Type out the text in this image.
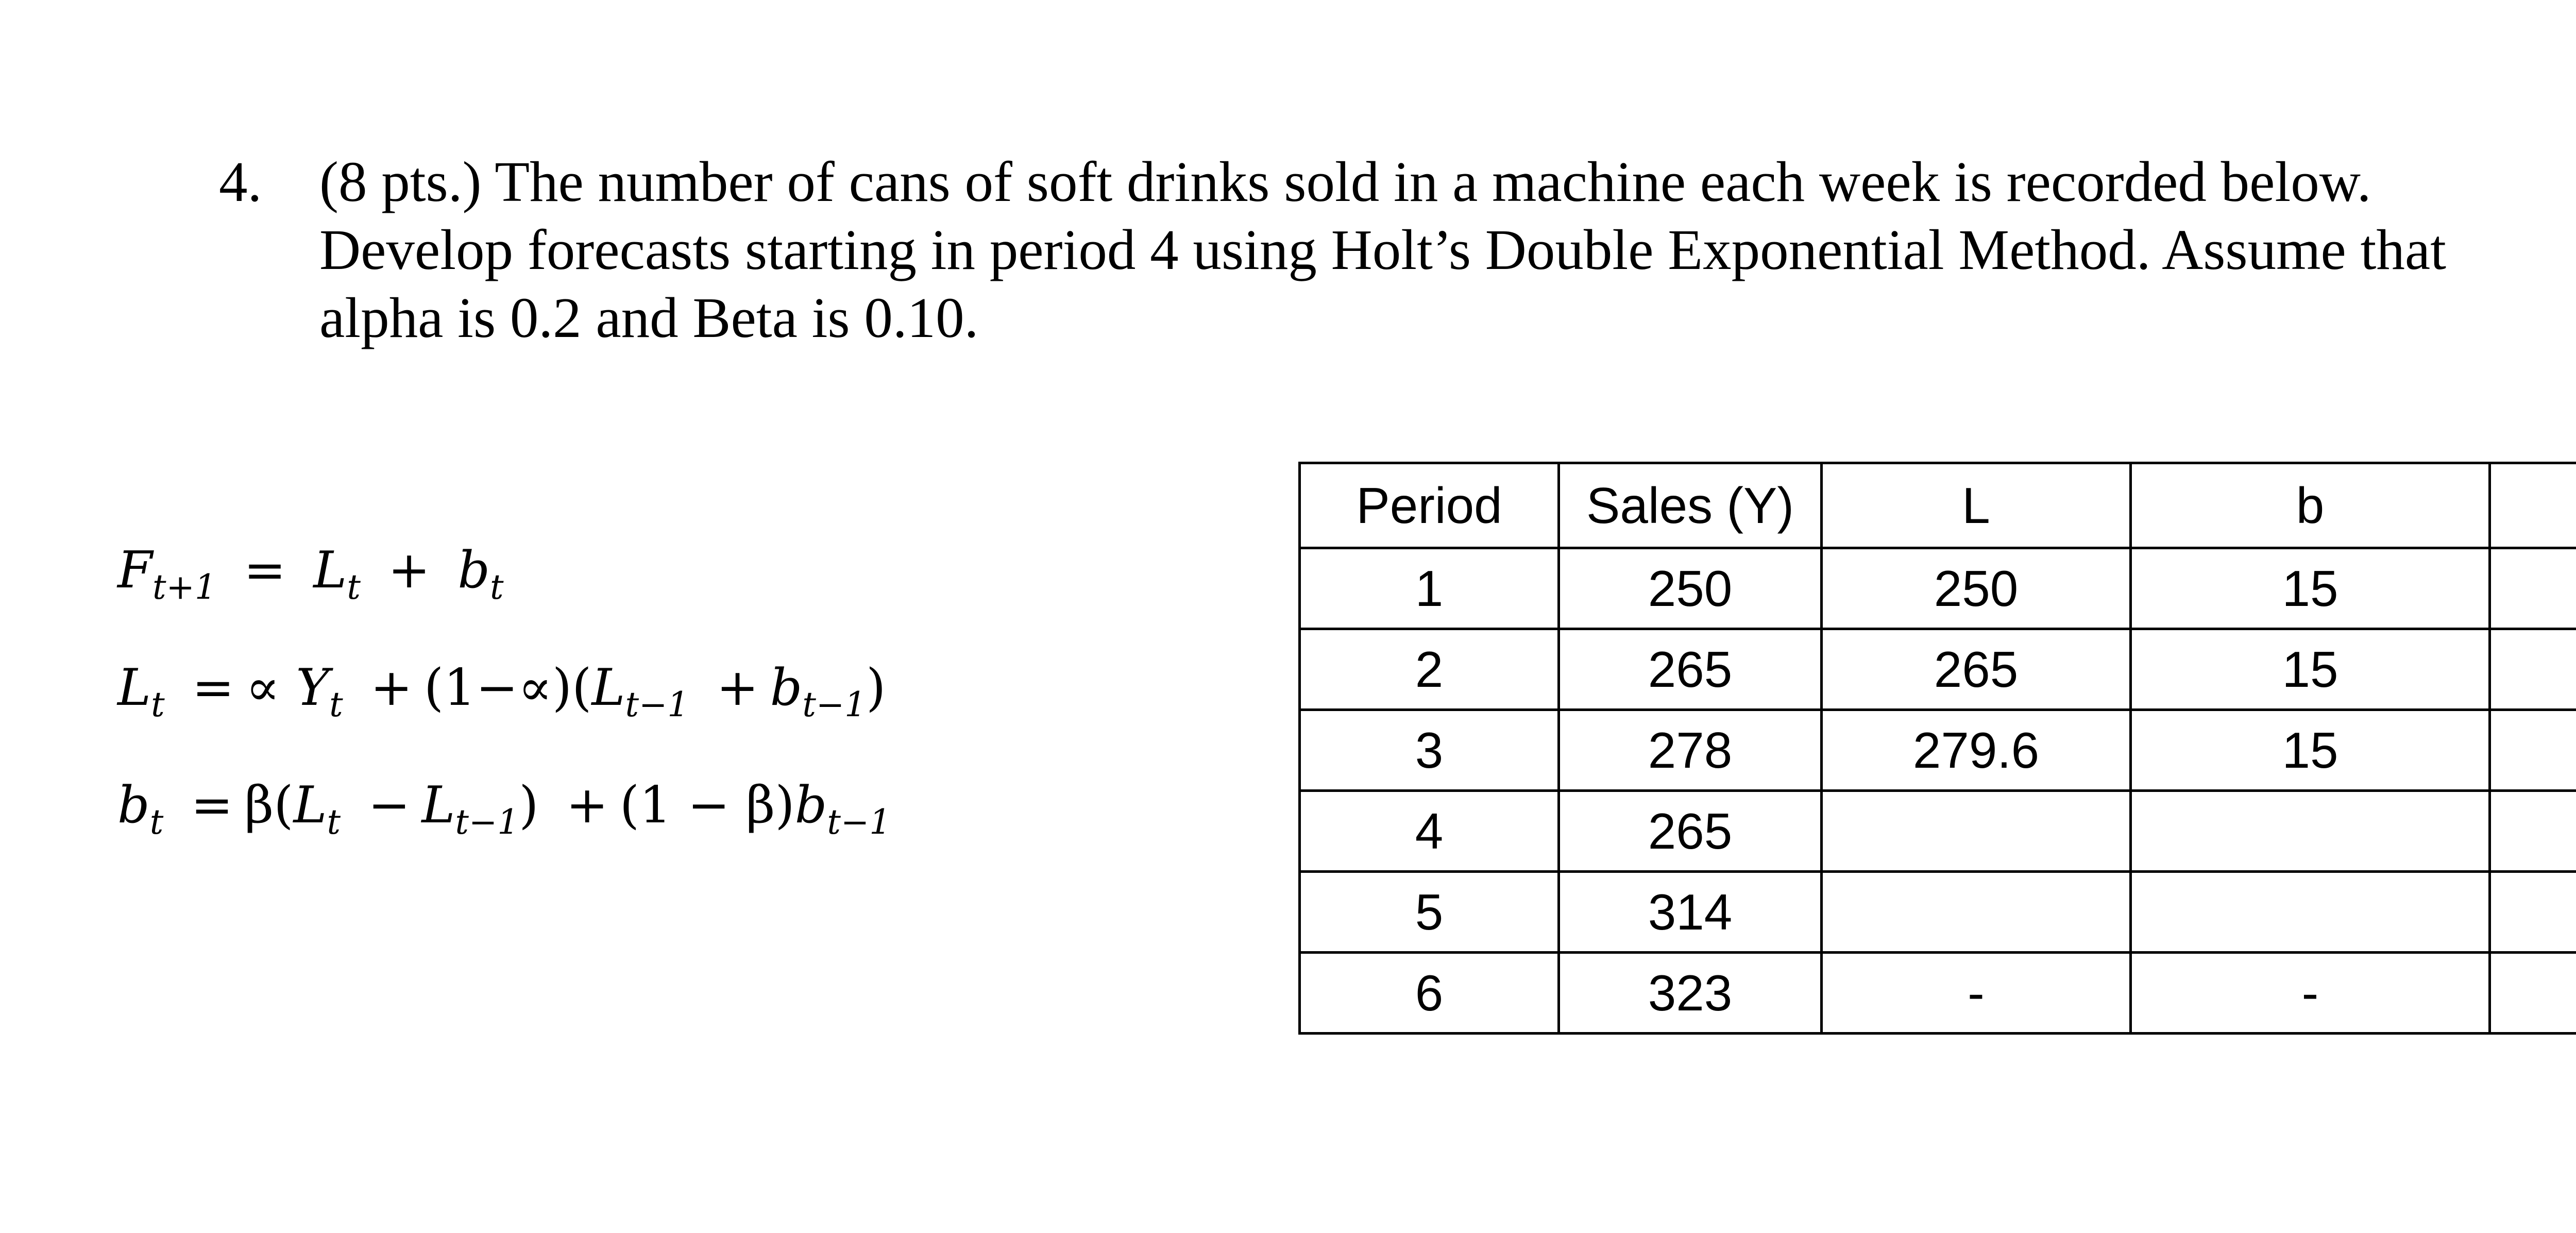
4. (8 pts.) The number of cans of soft drinks sold in a machine each week is recorded below.
Develop forecasts starting in period 4 using Holt’s Double Exponential Method. Assume that
alpha is 0.2 and Beta is 0.10.
$F_{t+1} = L_t + b_t$
$L_t$ = ∝ $Y_t + (1-\propto)(L_{t-1} + b_{t-1})$
$b_t = \beta(L_t - L_{t-1}) + (1 - \beta)b_{t-1}$
Period	Sales (Y)	L	b	
1	250	250	15	
2	265	265	15	
3	278	279.6	15	
4	265			
5	314			
6	323	-	-	
